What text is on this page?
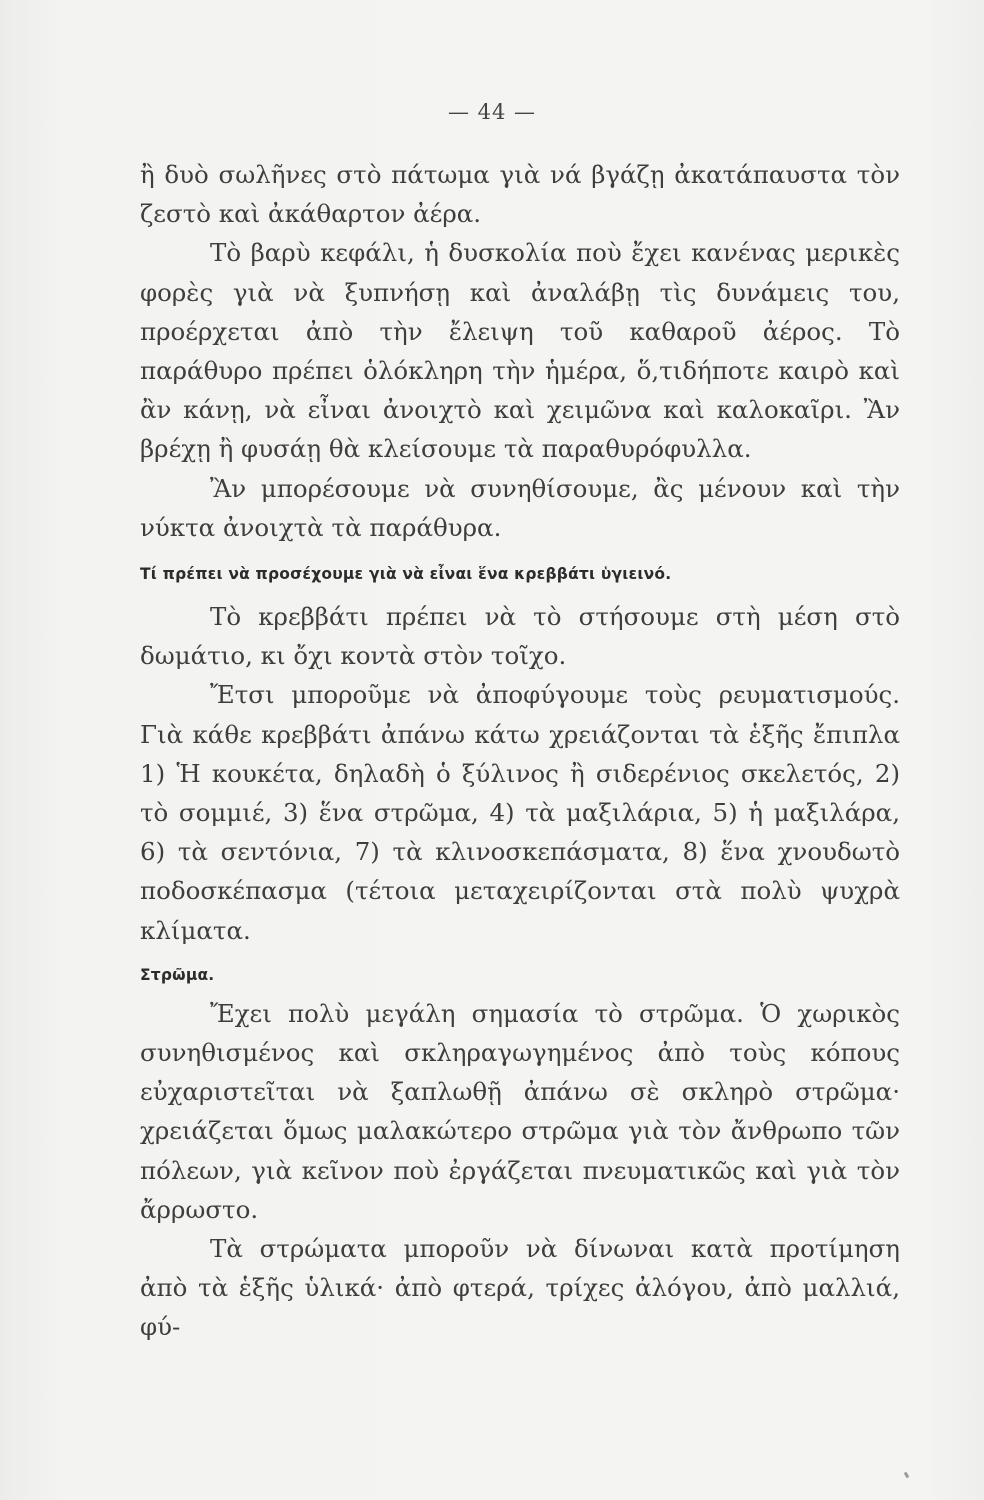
— 44 —

ἢ δυὸ σωλῆνες στὸ πάτωμα γιὰ νά βγάζῃ ἀκατάπαυστα τὸν ζεστὸ καὶ ἀκάθαρτον ἀέρα.

Τὸ βαρὺ κεφάλι, ἡ δυσκολία ποὺ ἔχει κανένας μερικὲς φορὲς γιὰ νὰ ξυπνήσῃ καὶ ἀναλάβῃ τὶς δυνάμεις του, προέρχεται ἀπὸ τὴν ἔλειψη τοῦ καθαροῦ ἀέρος. Τὸ παράθυρο πρέπει ὁλόκληρη τὴν ἡμέρα, ὅ,τιδήποτε καιρὸ καὶ ἂν κάνῃ, νὰ εἶναι ἀνοιχτὸ καὶ χειμῶνα καὶ καλοκαῖρι. Ἂν βρέχῃ ἢ φυσάῃ θὰ κλείσουμε τὰ παραθυρόφυλλα.

Ἂν μπορέσουμε νὰ συνηθίσουμε, ἂς μένουν καὶ τὴν νύκτα ἀνοιχτὰ τὰ παράθυρα.

Τί πρέπει νὰ προσέχουμε γιὰ νὰ εἶναι ἕνα κρεββάτι ὑγιεινό.

Τὸ κρεββάτι πρέπει νὰ τὸ στήσουμε στὴ μέση στὸ δωμάτιο, κι ὄχι κοντὰ στὸν τοῖχο.

Ἔτσι μποροῦμε νὰ ἀποφύγουμε τοὺς ρευματισμούς. Γιὰ κάθε κρεββάτι ἀπάνω κάτω χρειάζονται τὰ ἑξῆς ἔπιπλα 1) Ἡ κουκέτα, δηλαδὴ ὁ ξύλινος ἢ σιδερένιος σκελετός, 2) τὸ σομμιέ, 3) ἕνα στρῶμα, 4) τὰ μαξιλάρια, 5) ἡ μαξιλάρα, 6) τὰ σεντόνια, 7) τὰ κλινοσκεπάσματα, 8) ἕνα χνουδωτὸ ποδοσκέπασμα (τέτοια μεταχειρίζονται στὰ πολὺ ψυχρὰ κλίματα.

Στρῶμα.

Ἔχει πολὺ μεγάλη σημασία τὸ στρῶμα. Ὁ χωρικὸς συνηθισμένος καὶ σκληραγωγημένος ἀπὸ τοὺς κόπους εὐχαριστεῖται νὰ ξαπλωθῇ ἀπάνω σὲ σκληρὸ στρῶμα· χρειάζεται ὅμως μαλακώτερο στρῶμα γιὰ τὸν ἄνθρωπο τῶν πόλεων, γιὰ κεῖνον ποὺ ἐργάζεται πνευματικῶς καὶ γιὰ τὸν ἄρρωστο.

Τὰ στρώματα μποροῦν νὰ δίνωναι κατὰ προτίμηση ἀπὸ τὰ ἑξῆς ὑλικά· ἀπὸ φτερά, τρίχες ἀλόγου, ἀπὸ μαλλιά, φύ-
